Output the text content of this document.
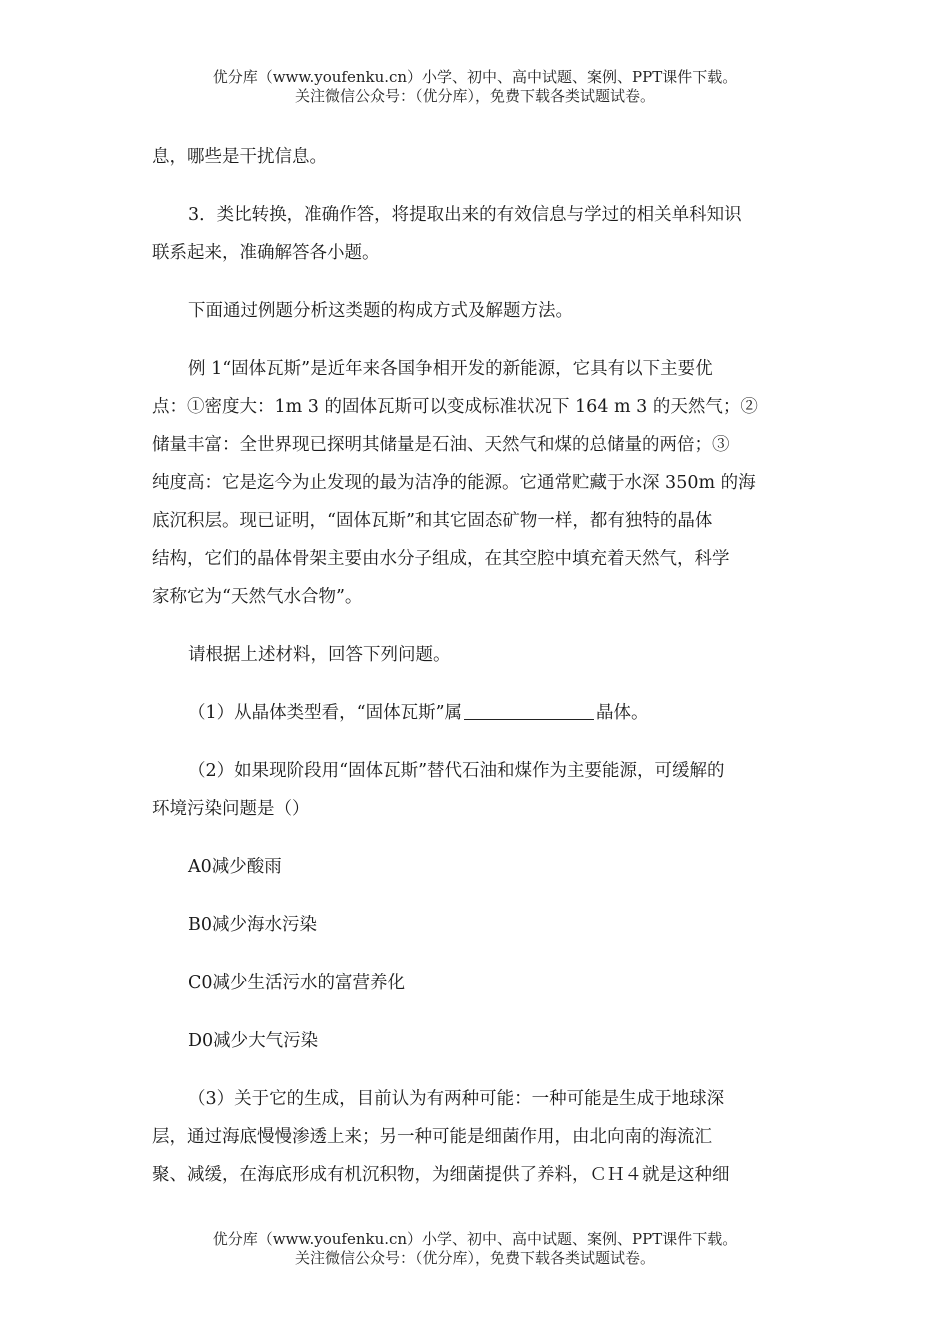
优分库（www.youfenku.cn）小学、初中、高中试题、案例、PPT课件下载。
关注微信公众号：（优分库），免费下载各类试题试卷。

息，哪些是干扰信息。

3．类比转换，准确作答，将提取出来的有效信息与学过的相关单科知识

联系起来，准确解答各小题。

下面通过例题分析这类题的构成方式及解题方法。

例 1“固体瓦斯”是近年来各国争相开发的新能源，它具有以下主要优

点：①密度大：1m 3 的固体瓦斯可以变成标准状况下 164 m 3 的天然气；②

储量丰富：全世界现已探明其储量是石油、天然气和煤的总储量的两倍；③

纯度高：它是迄今为止发现的最为洁净的能源。它通常贮藏于水深 350m 的海

底沉积层。现已证明，“固体瓦斯”和其它固态矿物一样，都有独特的晶体

结构，它们的晶体骨架主要由水分子组成，在其空腔中填充着天然气，科学

家称它为“天然气水合物”。

请根据上述材料，回答下列问题。

（1）从晶体类型看，“固体瓦斯”属	晶体。

（2）如果现阶段用“固体瓦斯”替代石油和煤作为主要能源，可缓解的

环境污染问题是（）

A0减少酸雨

B0减少海水污染

C0减少生活污水的富营养化

D0减少大气污染

（3）关于它的生成，目前认为有两种可能：一种可能是生成于地球深

层，通过海底慢慢渗透上来；另一种可能是细菌作用，由北向南的海流汇

聚、减缓，在海底形成有机沉积物，为细菌提供了养料，ＣＨ４就是这种细

优分库（www.youfenku.cn）小学、初中、高中试题、案例、PPT课件下载。
关注微信公众号：（优分库），免费下载各类试题试卷。
